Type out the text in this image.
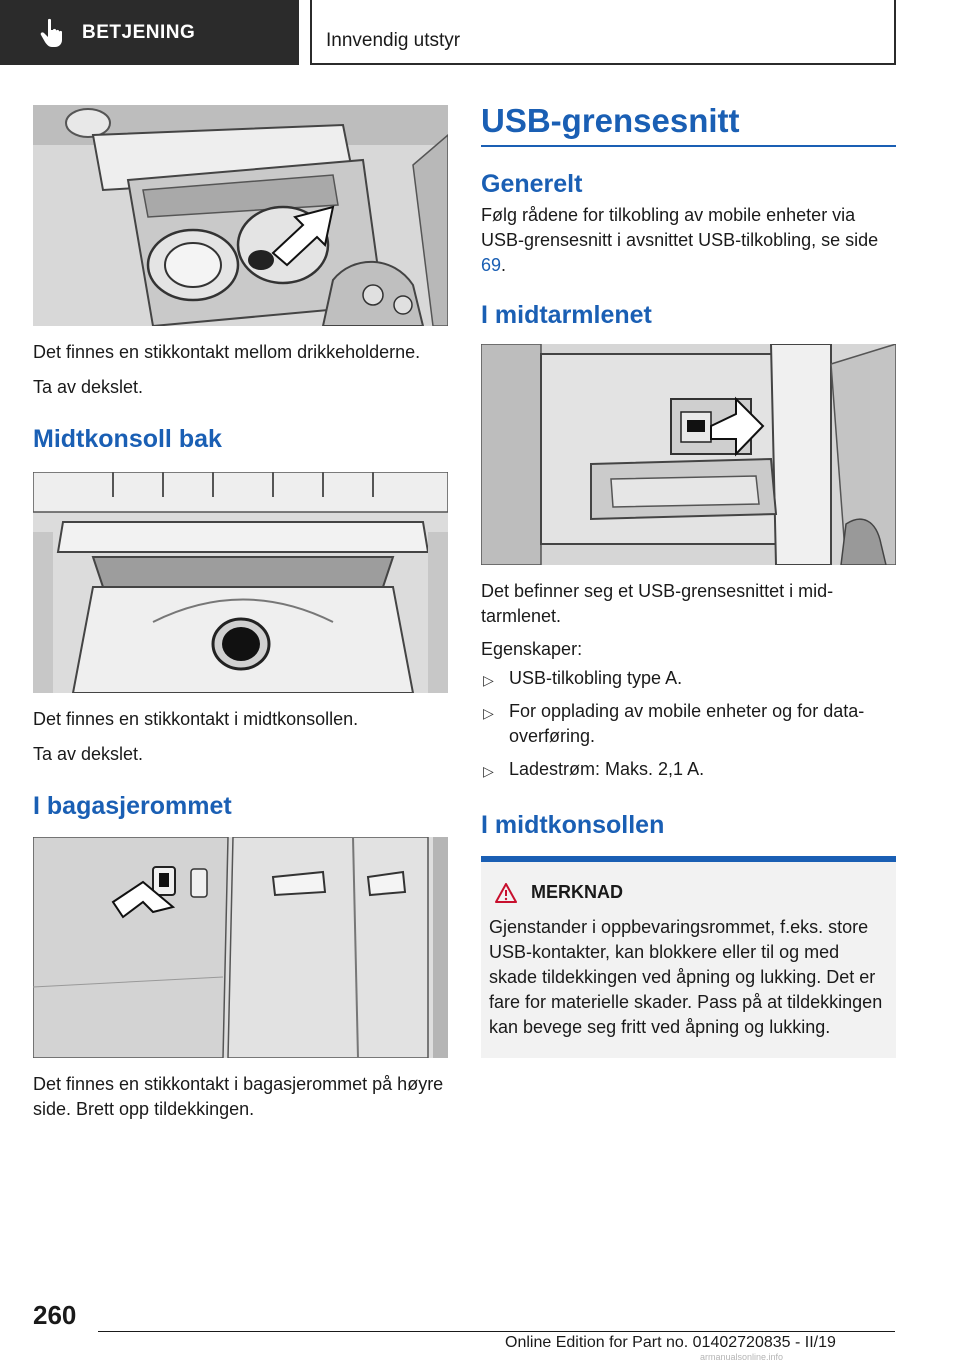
BETJENING	Innvendig utstyr

Det finnes en stikkontakt mellom drikkeholderne.

Ta av dekslet.

Midtkonsoll bak

Det finnes en stikkontakt i midtkonsollen.

Ta av dekslet.

I bagasjerommet

Det finnes en stikkontakt i bagasjerommet på høyre side. Brett opp tildekkingen.

USB-grensesnitt
Generelt

Følg rådene for tilkobling av mobile enheter via USB-grensesnitt i avsnittet USB-tilkobling, se side 69.

I midtarmlenet

Det befinner seg et USB-grensesnittet i midtarmlenet.

Egenskaper:

▷ USB-tilkobling type A.
▷ For opplading av mobile enheter og for dataoverføring.
▷ Ladestrøm: Maks. 2,1 A.
I midtkonsollen
MERKNAD

Gjenstander i oppbevaringsrommet, f.eks. store USB-kontakter, kan blokkere eller til og med skade tildekkingen ved åpning og lukking. Det er fare for materielle skader. Pass på at tildekkingen kan bevege seg fritt ved åpning og lukking.

260
Online Edition for Part no. 01402720835 - II/19
armanualsonline.info
